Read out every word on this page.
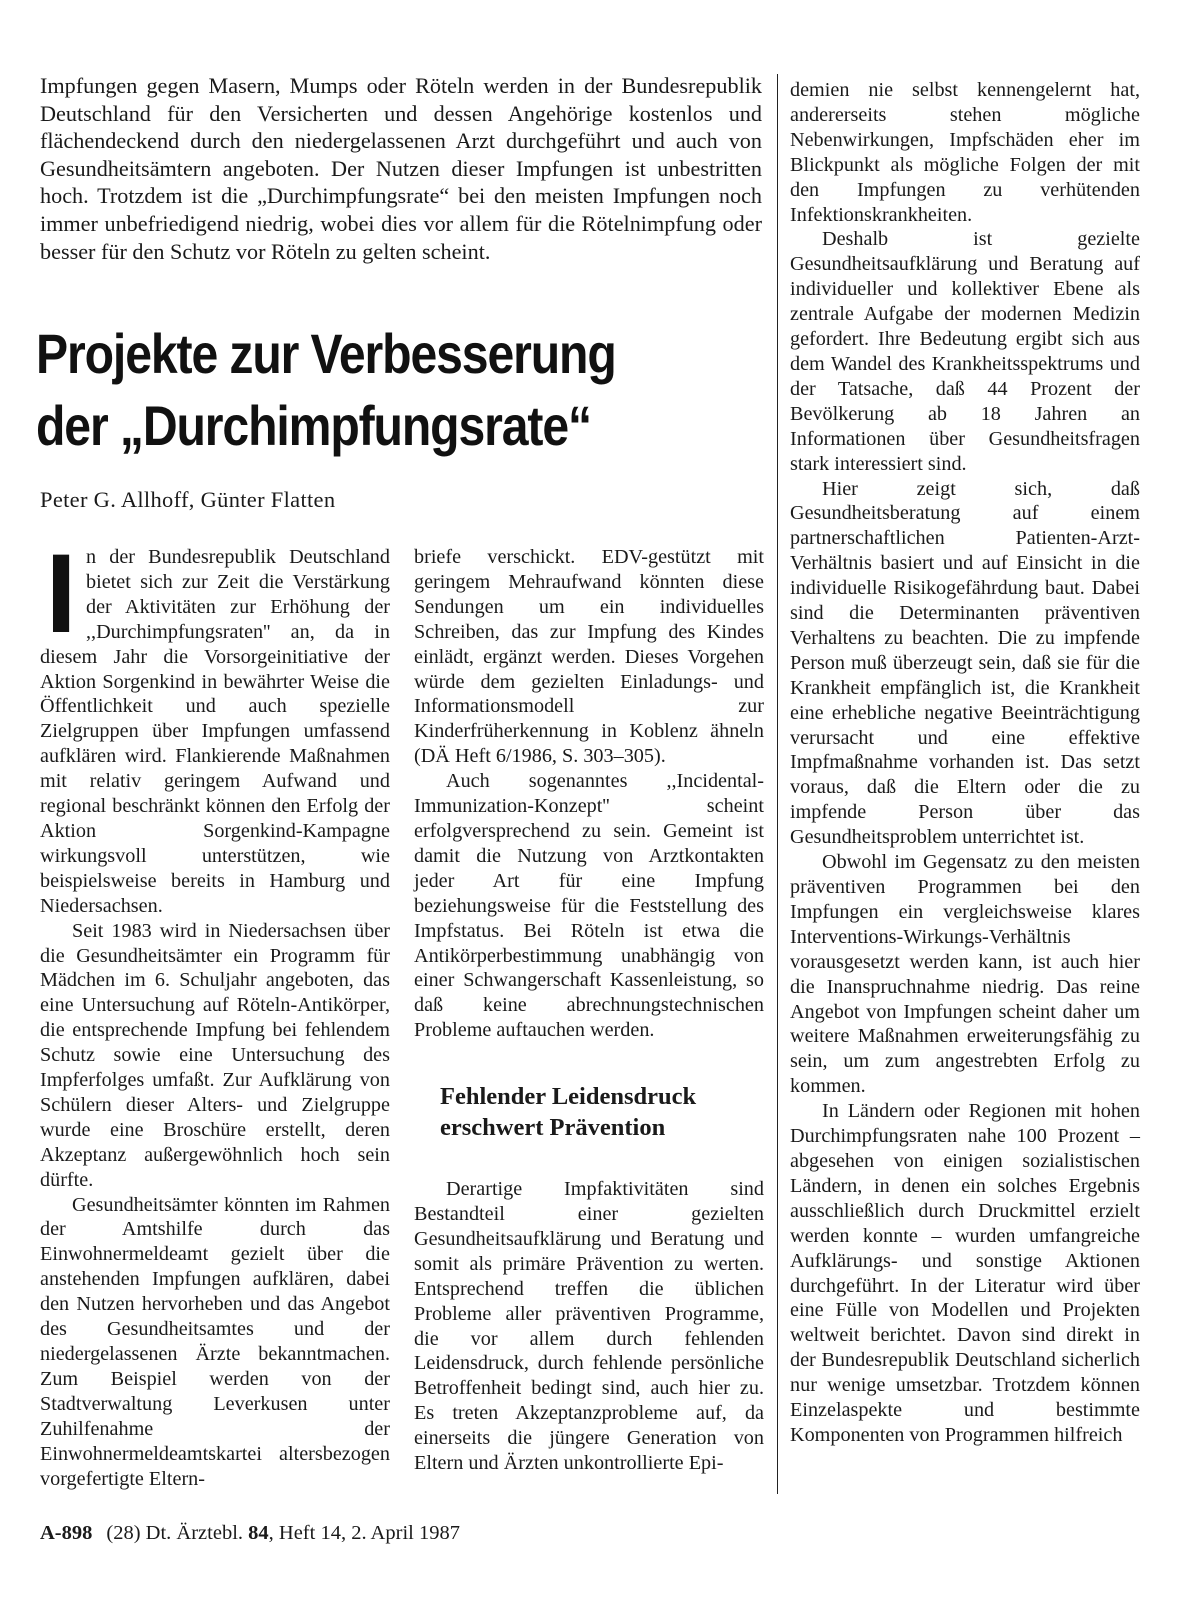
Impfungen gegen Masern, Mumps oder Röteln werden in der Bundesrepublik Deutschland für den Versicherten und dessen Angehörige kostenlos und flächendeckend durch den niedergelassenen Arzt durchgeführt und auch von Gesundheitsämtern angeboten. Der Nutzen dieser Impfungen ist unbestritten hoch. Trotzdem ist die „Durchimpfungsrate“ bei den meisten Impfungen noch immer unbefriedigend niedrig, wobei dies vor allem für die Rötelnimpfung oder besser für den Schutz vor Röteln zu gelten scheint.
Projekte zur Verbesserung
der „Durchimpfungsrate“
Peter G. Allhoff, Günter Flatten

In der Bundesrepublik Deutschland bietet sich zur Zeit die Verstärkung der Aktivitäten zur Erhöhung der ,,Durchimpfungsraten'' an, da in diesem Jahr die Vorsorgeinitiative der Aktion Sorgenkind in bewährter Weise die Öffentlichkeit und auch spezielle Zielgruppen über Impfungen umfassend aufklären wird. Flankierende Maßnahmen mit relativ geringem Aufwand und regional beschränkt können den Erfolg der Aktion Sorgenkind-Kampagne wirkungsvoll unterstützen, wie beispielsweise bereits in Hamburg und Niedersachsen.

Seit 1983 wird in Niedersachsen über die Gesundheitsämter ein Programm für Mädchen im 6. Schuljahr angeboten, das eine Untersuchung auf Röteln-Antikörper, die entsprechende Impfung bei fehlendem Schutz sowie eine Untersuchung des Impferfolges umfaßt. Zur Aufklärung von Schülern dieser Alters- und Zielgruppe wurde eine Broschüre erstellt, deren Akzeptanz außergewöhnlich hoch sein dürfte.

Gesundheitsämter könnten im Rahmen der Amtshilfe durch das Einwohnermeldeamt gezielt über die anstehenden Impfungen aufklären, dabei den Nutzen hervorheben und das Angebot des Gesundheitsamtes und der niedergelassenen Ärzte bekanntmachen. Zum Beispiel werden von der Stadtverwaltung Leverkusen unter Zuhilfenahme der Einwohnermeldeamtskartei altersbezogen vorgefertigte Eltern-

briefe verschickt. EDV-gestützt mit geringem Mehraufwand könnten diese Sendungen um ein individuelles Schreiben, das zur Impfung des Kindes einlädt, ergänzt werden. Dieses Vorgehen würde dem gezielten Einladungs- und Informationsmodell zur Kinderfrüherkennung in Koblenz ähneln (DÄ Heft 6/1986, S. 303–305).

Auch sogenanntes ,,Incidental-Immunization-Konzept'' scheint erfolgversprechend zu sein. Gemeint ist damit die Nutzung von Arztkontakten jeder Art für eine Impfung beziehungsweise für die Feststellung des Impfstatus. Bei Röteln ist etwa die Antikörperbestimmung unabhängig von einer Schwangerschaft Kassenleistung, so daß keine abrechnungstechnischen Probleme auftauchen werden.

Fehlender Leidensdruck
erschwert Prävention

Derartige Impfaktivitäten sind Bestandteil einer gezielten Gesundheitsaufklärung und Beratung und somit als primäre Prävention zu werten. Entsprechend treffen die üblichen Probleme aller präventiven Programme, die vor allem durch fehlenden Leidensdruck, durch fehlende persönliche Betroffenheit bedingt sind, auch hier zu. Es treten Akzeptanzprobleme auf, da einerseits die jüngere Generation von Eltern und Ärzten unkontrollierte Epi-

demien nie selbst kennengelernt hat, andererseits stehen mögliche Nebenwirkungen, Impfschäden eher im Blickpunkt als mögliche Folgen der mit den Impfungen zu verhütenden Infektionskrankheiten.

Deshalb ist gezielte Gesundheitsaufklärung und Beratung auf individueller und kollektiver Ebene als zentrale Aufgabe der modernen Medizin gefordert. Ihre Bedeutung ergibt sich aus dem Wandel des Krankheitsspektrums und der Tatsache, daß 44 Prozent der Bevölkerung ab 18 Jahren an Informationen über Gesundheitsfragen stark interessiert sind.

Hier zeigt sich, daß Gesundheitsberatung auf einem partnerschaftlichen Patienten-Arzt-Verhältnis basiert und auf Einsicht in die individuelle Risikogefährdung baut. Dabei sind die Determinanten präventiven Verhaltens zu beachten. Die zu impfende Person muß überzeugt sein, daß sie für die Krankheit empfänglich ist, die Krankheit eine erhebliche negative Beeinträchtigung verursacht und eine effektive Impfmaßnahme vorhanden ist. Das setzt voraus, daß die Eltern oder die zu impfende Person über das Gesundheitsproblem unterrichtet ist.

Obwohl im Gegensatz zu den meisten präventiven Programmen bei den Impfungen ein vergleichsweise klares Interventions-Wirkungs-Verhältnis vorausgesetzt werden kann, ist auch hier die Inanspruchnahme niedrig. Das reine Angebot von Impfungen scheint daher um weitere Maßnahmen erweiterungsfähig zu sein, um zum angestrebten Erfolg zu kommen.

In Ländern oder Regionen mit hohen Durchimpfungsraten nahe 100 Prozent – abgesehen von einigen sozialistischen Ländern, in denen ein solches Ergebnis ausschließlich durch Druckmittel erzielt werden konnte – wurden umfangreiche Aufklärungs- und sonstige Aktionen durchgeführt. In der Literatur wird über eine Fülle von Modellen und Projekten weltweit berichtet. Davon sind direkt in der Bundesrepublik Deutschland sicherlich nur wenige umsetzbar. Trotzdem können Einzelaspekte und bestimmte Komponenten von Programmen hilfreich

A-898 (28) Dt. Ärztebl. 84, Heft 14, 2. April 1987
